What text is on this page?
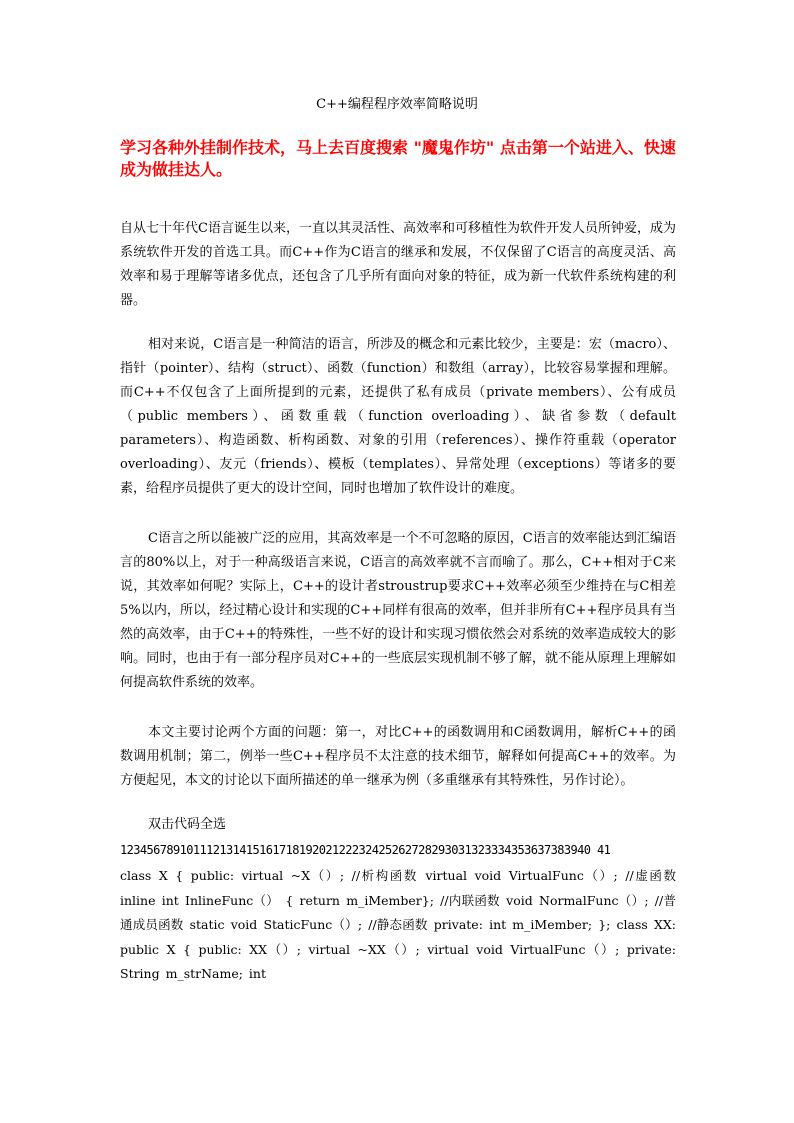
C++编程程序效率简略说明
学习各种外挂制作技术，马上去百度搜索 "魔鬼作坊" 点击第一个站进入、快速成为做挂达人。
自从七十年代C语言诞生以来，一直以其灵活性、高效率和可移植性为软件开发人员所钟爱，成为系统软件开发的首选工具。而C++作为C语言的继承和发展，不仅保留了C语言的高度灵活、高效率和易于理解等诸多优点，还包含了几乎所有面向对象的特征，成为新一代软件系统构建的利器。
相对来说，C语言是一种简洁的语言，所涉及的概念和元素比较少，主要是：宏（macro）、指针（pointer）、结构（struct）、函数（function）和数组（array），比较容易掌握和理解。而C++不仅包含了上面所提到的元素，还提供了私有成员（private members）、公有成员（public members）、函数重载（function overloading）、缺省参数（default parameters）、构造函数、析构函数、对象的引用（references）、操作符重载（operator overloading）、友元（friends）、模板（templates）、异常处理（exceptions）等诸多的要素，给程序员提供了更大的设计空间，同时也增加了软件设计的难度。
C语言之所以能被广泛的应用，其高效率是一个不可忽略的原因，C语言的效率能达到汇编语言的80%以上，对于一种高级语言来说，C语言的高效率就不言而喻了。那么，C++相对于C来说，其效率如何呢？实际上，C++的设计者stroustrup要求C++效率必须至少维持在与C相差5%以内，所以，经过精心设计和实现的C++同样有很高的效率，但并非所有C++程序员具有当然的高效率，由于C++的特殊性，一些不好的设计和实现习惯依然会对系统的效率造成较大的影响。同时，也由于有一部分程序员对C++的一些底层实现机制不够了解，就不能从原理上理解如何提高软件系统的效率。
本文主要讨论两个方面的问题：第一，对比C++的函数调用和C函数调用，解析C++的函数调用机制；第二，例举一些C++程序员不太注意的技术细节，解释如何提高C++的效率。为方便起见，本文的讨论以下面所描述的单一继承为例（多重继承有其特殊性，另作讨论）。
双击代码全选
12345678910111213141516171819202122232425262728293031323334353637383940 41
class X { public: virtual ~X（）; //析构函数 virtual void VirtualFunc（）; //虚函数 inline int InlineFunc（） { return m_iMember}; //内联函数 void NormalFunc（）; //普通成员函数 static void StaticFunc（）; //静态函数 private: int m_iMember; }; class XX: public X { public: XX（）; virtual ~XX（）; virtual void VirtualFunc（）; private: String m_strName; int
